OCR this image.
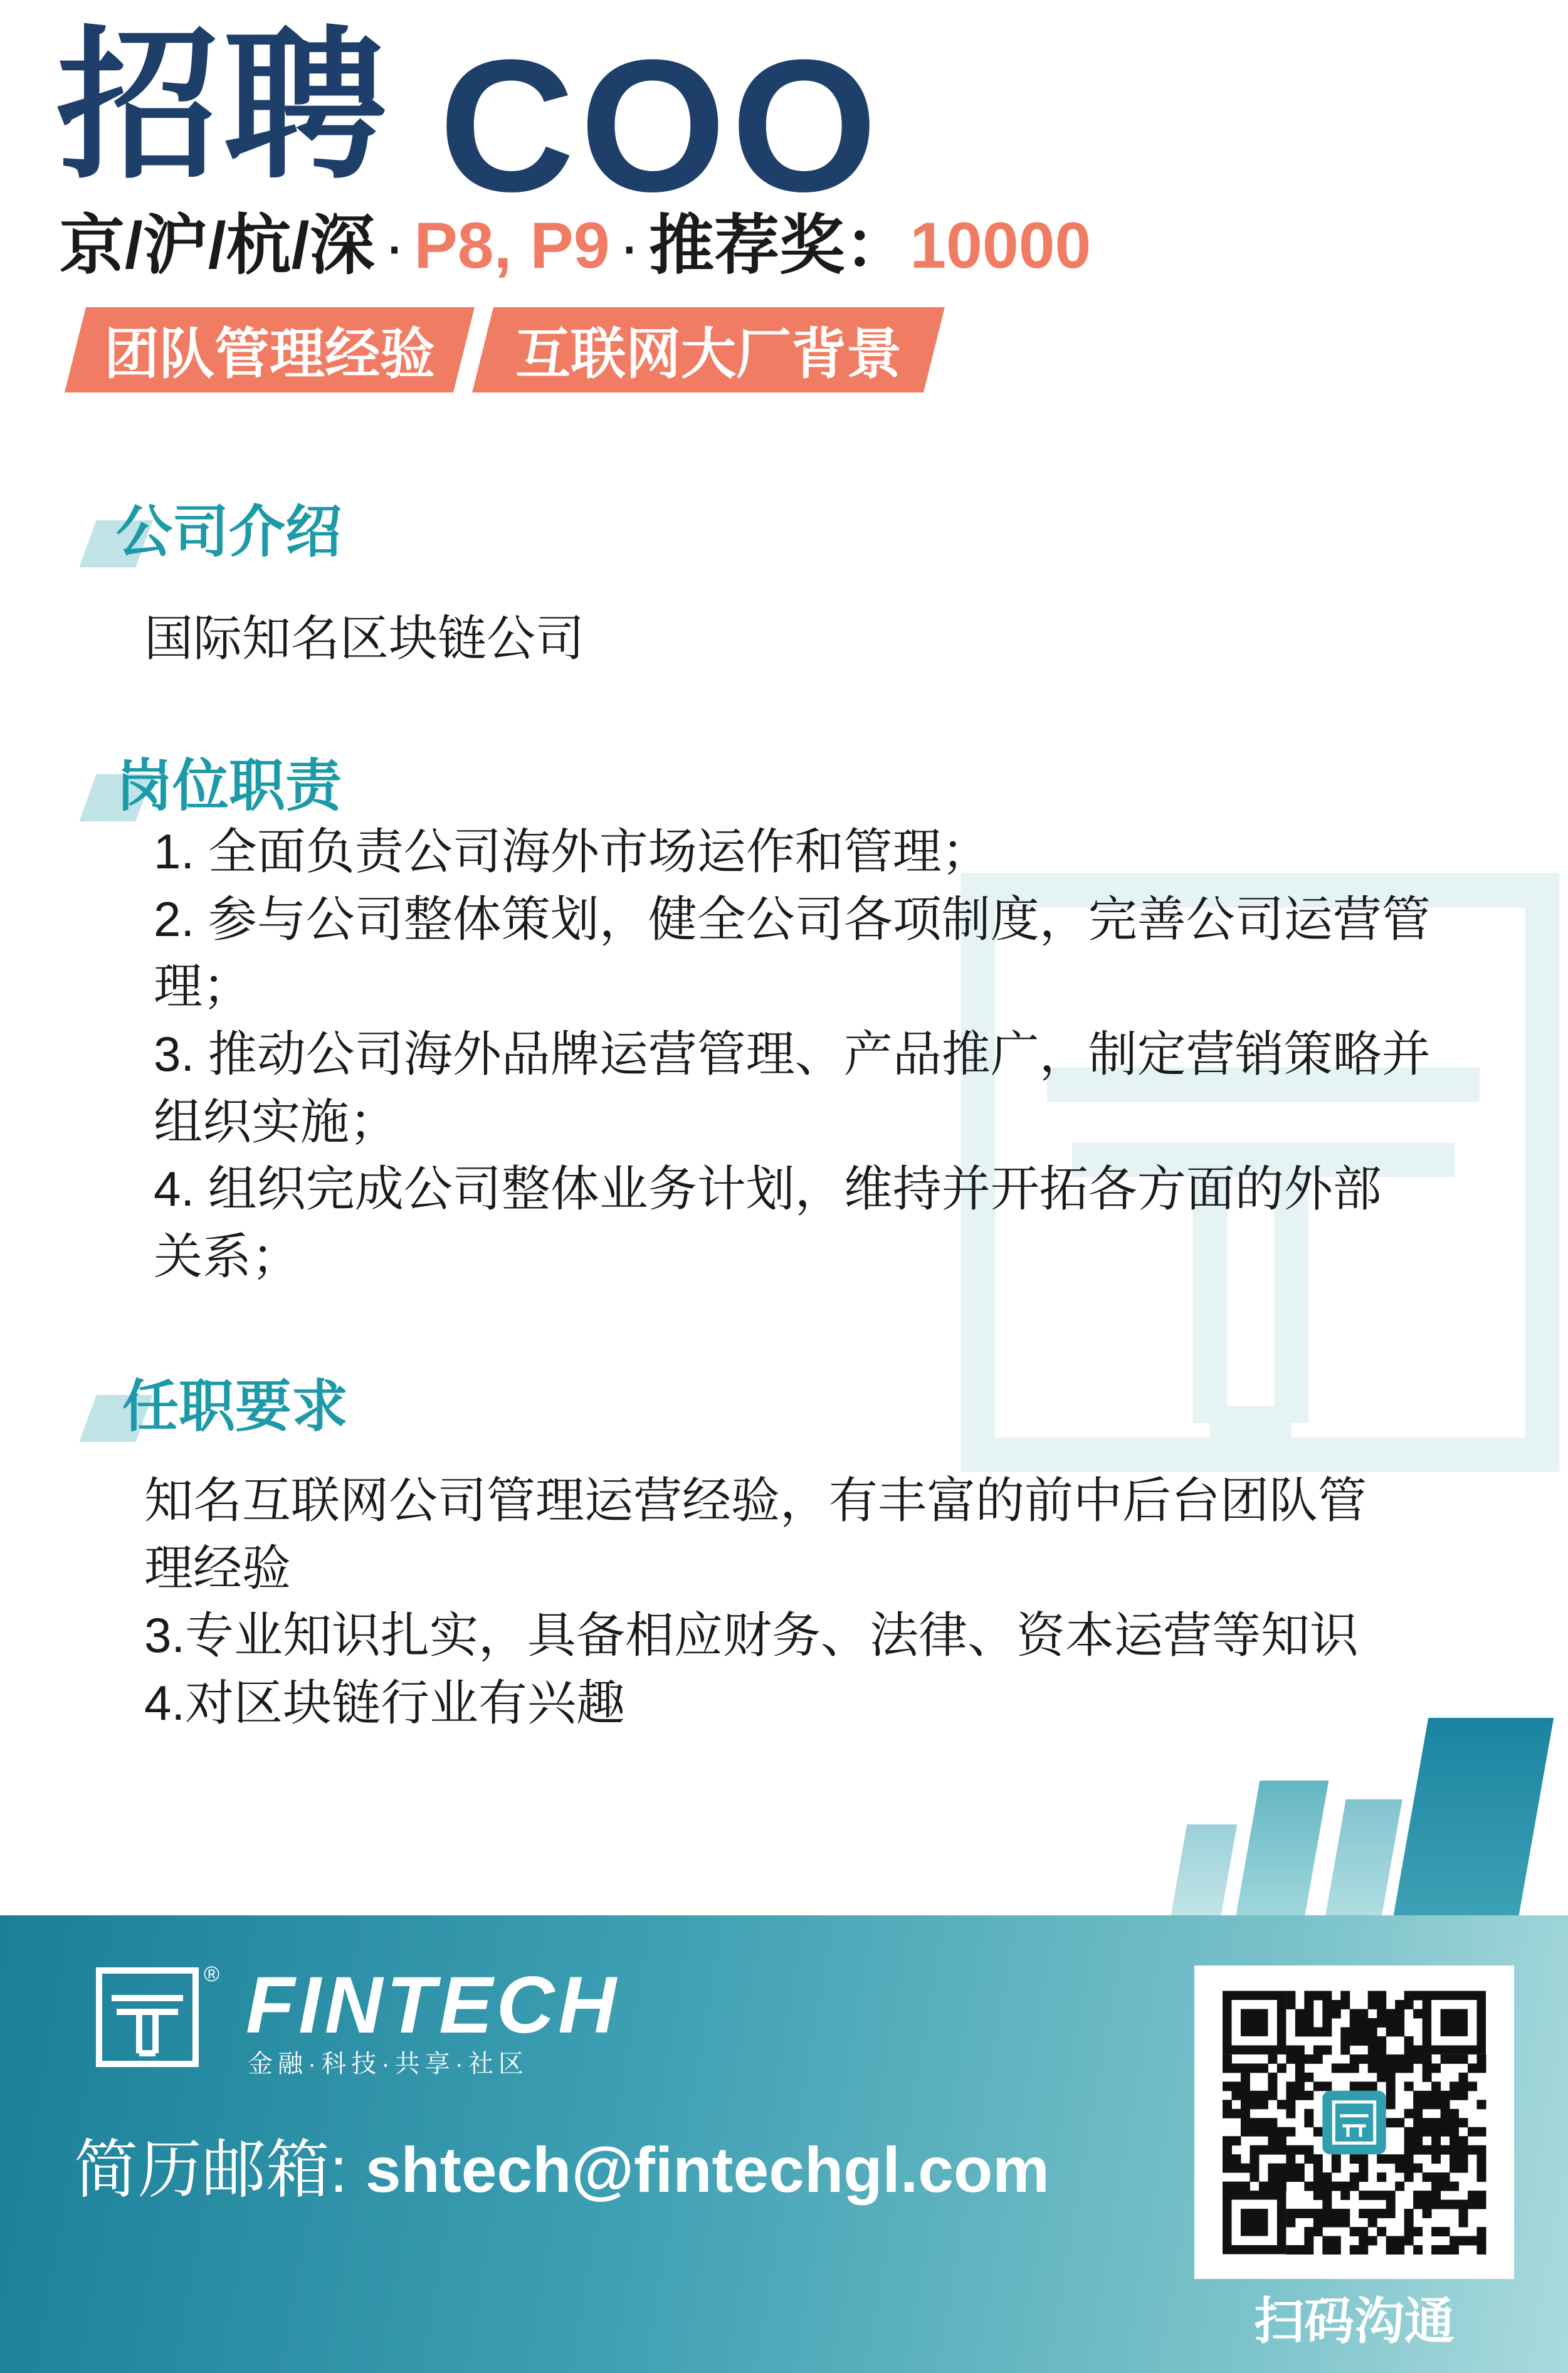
招聘 COO
京/沪/杭/深 · P8, P9 · 推荐奖：10000
团队管理经验 互联网大厂背景
公司介绍
国际知名区块链公司
岗位职责
1. 全面负责公司海外市场运作和管理；
2. 参与公司整体策划，健全公司各项制度，完善公司运营管
理；
3. 推动公司海外品牌运营管理、产品推广，制定营销策略并
组织实施；
4. 组织完成公司整体业务计划，维持并开拓各方面的外部
关系；
任职要求
知名互联网公司管理运营经验，有丰富的前中后台团队管
理经验
3.专业知识扎实，具备相应财务、法律、资本运营等知识
4.对区块链行业有兴趣
® FINTECH
金融·科技·共享·社区
简历邮箱: shtech@fintechgl.com
扫码沟通
